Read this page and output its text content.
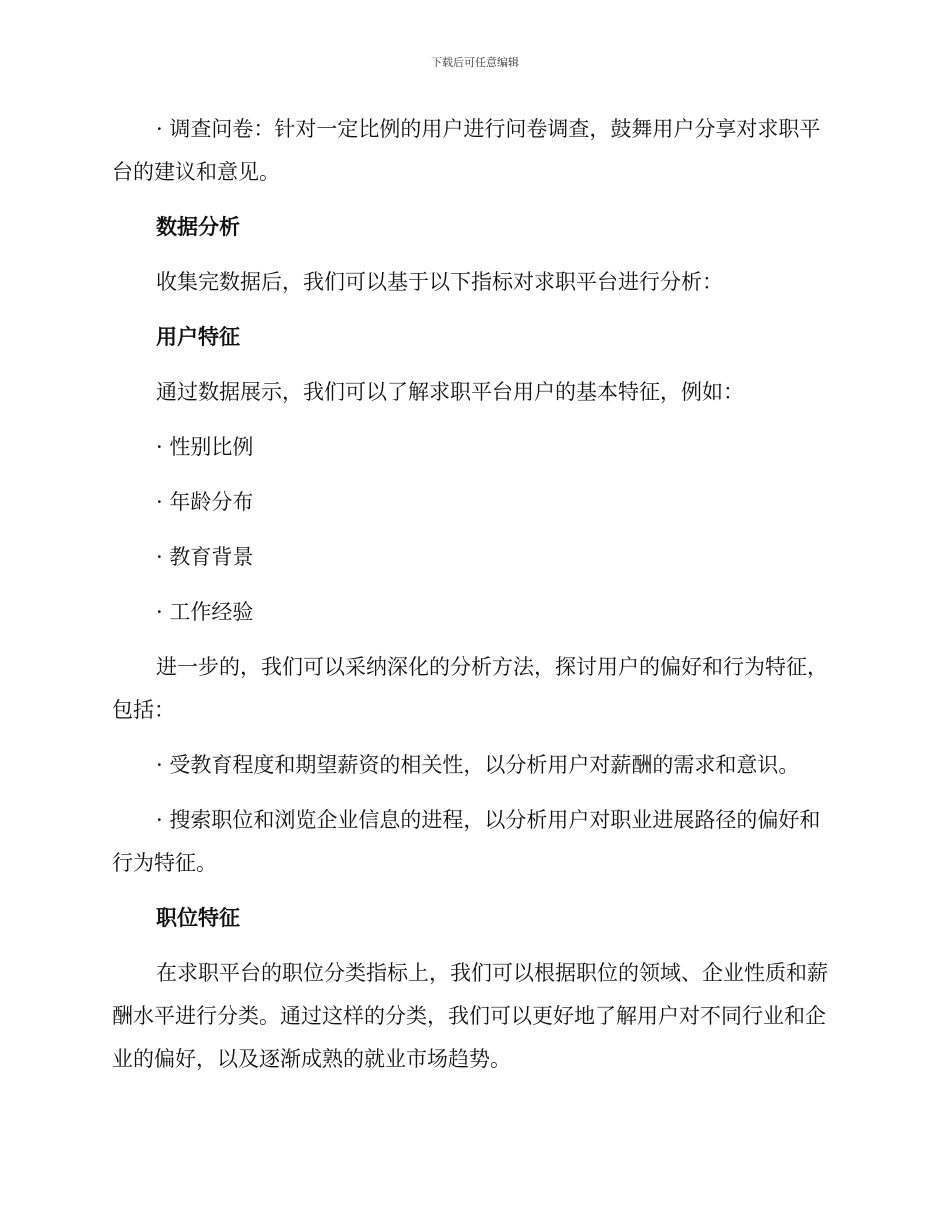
下载后可任意编辑

· 调查问卷：针对一定比例的用户进行问卷调查，鼓舞用户分享对求职平台的建议和意见。

数据分析

收集完数据后，我们可以基于以下指标对求职平台进行分析：

用户特征

通过数据展示，我们可以了解求职平台用户的基本特征，例如：

· 性别比例

· 年龄分布

· 教育背景

· 工作经验

进一步的，我们可以采纳深化的分析方法，探讨用户的偏好和行为特征，包括：

· 受教育程度和期望薪资的相关性，以分析用户对薪酬的需求和意识。

· 搜索职位和浏览企业信息的进程，以分析用户对职业进展路径的偏好和行为特征。

职位特征

在求职平台的职位分类指标上，我们可以根据职位的领域、企业性质和薪酬水平进行分类。通过这样的分类，我们可以更好地了解用户对不同行业和企业的偏好，以及逐渐成熟的就业市场趋势。
